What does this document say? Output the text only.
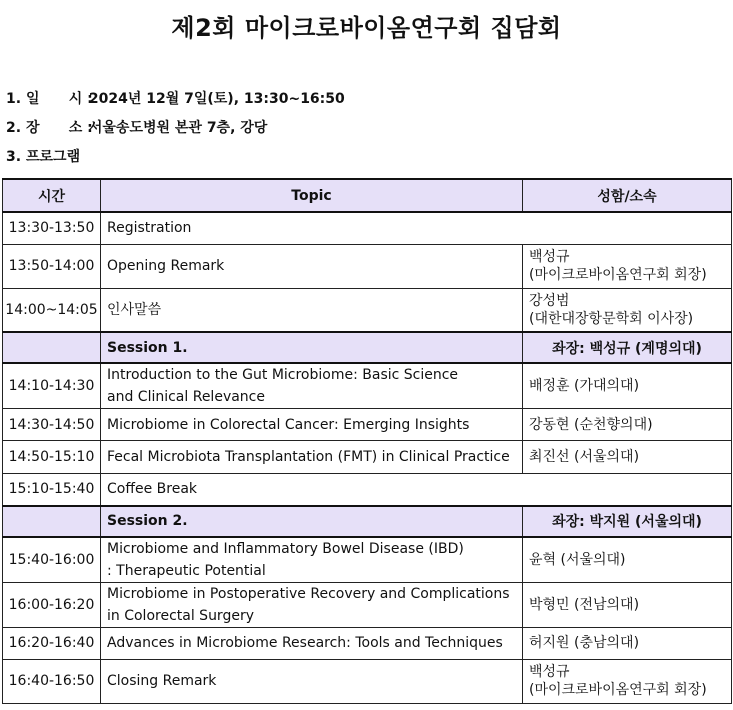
제2회 마이크로바이옴연구회 집담회
1. 일      시 : 2024년 12월 7일(토), 13:30~16:50
2. 장      소 : 서울송도병원 본관 7층, 강당
3. 프로그램
시간	Topic	성함/소속
13:30-13:50	Registration	
13:50-14:00	Opening Remark	백성규
(마이크로바이옴연구회 회장)
14:00~14:05	인사말씀	강성범
(대한대장항문학회 이사장)
	Session 1.	좌장: 백성규 (계명의대)
14:10-14:30	Introduction to the Gut Microbiome: Basic Science
and Clinical Relevance	배정훈 (가대의대)
14:30-14:50	Microbiome in Colorectal Cancer: Emerging Insights	강동현 (순천향의대)
14:50-15:10	Fecal Microbiota Transplantation (FMT) in Clinical Practice	최진선 (서울의대)
15:10-15:40	Coffee Break	
	Session 2.	좌장: 박지원 (서울의대)
15:40-16:00	Microbiome and Inflammatory Bowel Disease (IBD)
: Therapeutic Potential	윤혁 (서울의대)
16:00-16:20	Microbiome in Postoperative Recovery and Complications
in Colorectal Surgery	박형민 (전남의대)
16:20-16:40	Advances in Microbiome Research: Tools and Techniques	허지원 (충남의대)
16:40-16:50	Closing Remark	백성규
(마이크로바이옴연구회 회장)
